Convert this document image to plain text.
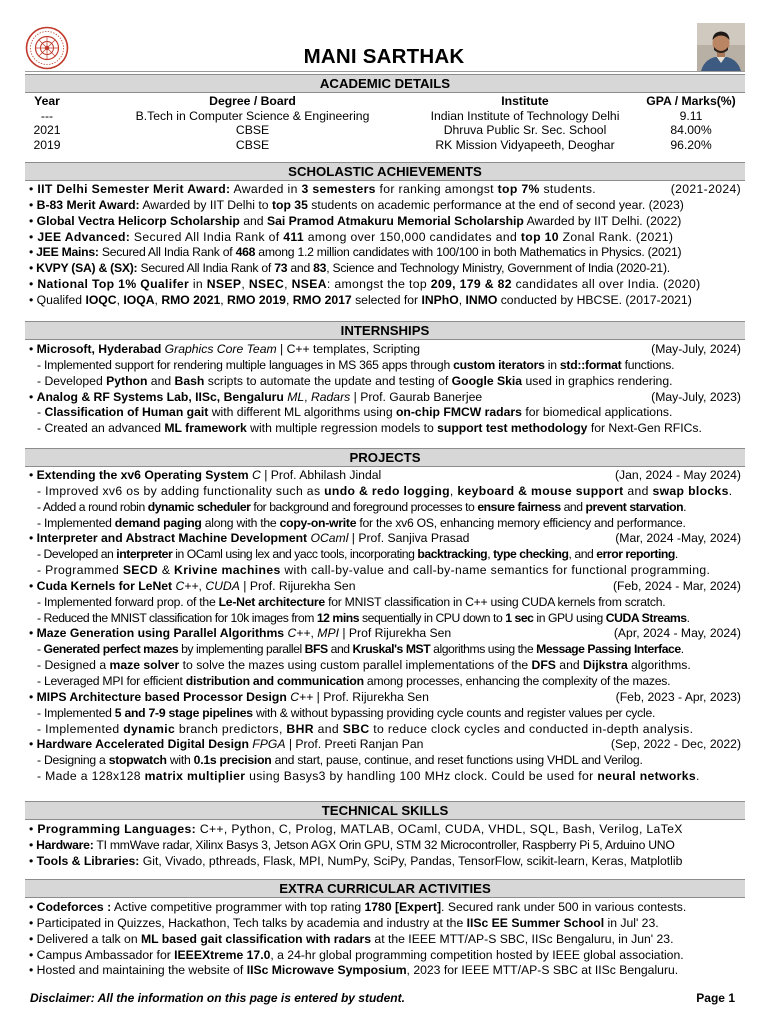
MANI SARTHAK
ACADEMIC DETAILS
Year	Degree / Board	Institute	GPA / Marks(%)
---	B.Tech in Computer Science & Engineering	Indian Institute of Technology Delhi	9.11
2021	CBSE	Dhruva Public Sr. Sec. School	84.00%
2019	CBSE	RK Mission Vidyapeeth, Deoghar	96.20%
SCHOLASTIC ACHIEVEMENTS
• IIT Delhi Semester Merit Award: Awarded in 3 semesters for ranking amongst top 7% students.	(2021-2024)
• B-83 Merit Award: Awarded by IIT Delhi to top 35 students on academic performance at the end of second year. (2023)
• Global Vectra Helicorp Scholarship and Sai Pramod Atmakuru Memorial Scholarship Awarded by IIT Delhi. (2022)
• JEE Advanced: Secured All India Rank of 411 among over 150,000 candidates and top 10 Zonal Rank. (2021)
• JEE Mains: Secured All India Rank of 468 among 1.2 million candidates with 100/100 in both Mathematics in Physics. (2021)
• KVPY (SA) & (SX): Secured All India Rank of 73 and 83, Science and Technology Ministry, Government of India (2020-21).
• National Top 1% Qualifer in NSEP, NSEC, NSEA: amongst the top 209, 179 & 82 candidates all over India. (2020)
• Qualifed IOQC, IOQA, RMO 2021, RMO 2019, RMO 2017 selected for INPhO, INMO conducted by HBCSE. (2017-2021)
INTERNSHIPS
• Microsoft, Hyderabad Graphics Core Team | C++ templates, Scripting	(May-July, 2024)
- Implemented support for rendering multiple languages in MS 365 apps through custom iterators in std::format functions.
- Developed Python and Bash scripts to automate the update and testing of Google Skia used in graphics rendering.
• Analog & RF Systems Lab, IISc, Bengaluru ML, Radars | Prof. Gaurab Banerjee	(May-July, 2023)
- Classification of Human gait with different ML algorithms using on-chip FMCW radars for biomedical applications.
- Created an advanced ML framework with multiple regression models to support test methodology for Next-Gen RFICs.
PROJECTS
• Extending the xv6 Operating System C | Prof. Abhilash Jindal	(Jan, 2024 - May 2024)
- Improved xv6 os by adding functionality such as undo & redo logging, keyboard & mouse support and swap blocks.
- Added a round robin dynamic scheduler for background and foreground processes to ensure fairness and prevent starvation.
- Implemented demand paging along with the copy-on-write for the xv6 OS, enhancing memory efficiency and performance.
• Interpreter and Abstract Machine Development OCaml | Prof. Sanjiva Prasad	(Mar, 2024 -May, 2024)
- Developed an interpreter in OCaml using lex and yacc tools, incorporating backtracking, type checking, and error reporting.
- Programmed SECD & Krivine machines with call-by-value and call-by-name semantics for functional programming.
• Cuda Kernels for LeNet C++, CUDA | Prof. Rijurekha Sen	(Feb, 2024 - Mar, 2024)
- Implemented forward prop. of the Le-Net architecture for MNIST classification in C++ using CUDA kernels from scratch.
- Reduced the MNIST classification for 10k images from 12 mins sequentially in CPU down to 1 sec in GPU using CUDA Streams.
• Maze Generation using Parallel Algorithms C++, MPI | Prof Rijurekha Sen	(Apr, 2024 - May, 2024)
- Generated perfect mazes by implementing parallel BFS and Kruskal's MST algorithms using the Message Passing Interface.
- Designed a maze solver to solve the mazes using custom parallel implementations of the DFS and Dijkstra algorithms.
- Leveraged MPI for efficient distribution and communication among processes, enhancing the complexity of the mazes.
• MIPS Architecture based Processor Design C++ | Prof. Rijurekha Sen	(Feb, 2023 - Apr, 2023)
- Implemented 5 and 7-9 stage pipelines with & without bypassing providing cycle counts and register values per cycle.
- Implemented dynamic branch predictors, BHR and SBC to reduce clock cycles and conducted in-depth analysis.
• Hardware Accelerated Digital Design FPGA | Prof. Preeti Ranjan Pan	(Sep, 2022 - Dec, 2022)
- Designing a stopwatch with 0.1s precision and start, pause, continue, and reset functions using VHDL and Verilog.
- Made a 128x128 matrix multiplier using Basys3 by handling 100 MHz clock. Could be used for neural networks.
TECHNICAL SKILLS
• Programming Languages: C++, Python, C, Prolog, MATLAB, OCaml, CUDA, VHDL, SQL, Bash, Verilog, LaTeX
• Hardware: TI mmWave radar, Xilinx Basys 3, Jetson AGX Orin GPU, STM 32 Microcontroller, Raspberry Pi 5, Arduino UNO
• Tools & Libraries: Git, Vivado, pthreads, Flask, MPI, NumPy, SciPy, Pandas, TensorFlow, scikit-learn, Keras, Matplotlib
EXTRA CURRICULAR ACTIVITIES
• Codeforces : Active competitive programmer with top rating 1780 [Expert]. Secured rank under 500 in various contests.
• Participated in Quizzes, Hackathon, Tech talks by academia and industry at the IISc EE Summer School in Jul' 23.
• Delivered a talk on ML based gait classification with radars at the IEEE MTT/AP-S SBC, IISc Bengaluru, in Jun' 23.
• Campus Ambassador for IEEEXtreme 17.0, a 24-hr global programming competition hosted by IEEE global association.
• Hosted and maintaining the website of IISc Microwave Symposium, 2023 for IEEE MTT/AP-S SBC at IISc Bengaluru.
Disclaimer: All the information on this page is entered by student.	Page 1
